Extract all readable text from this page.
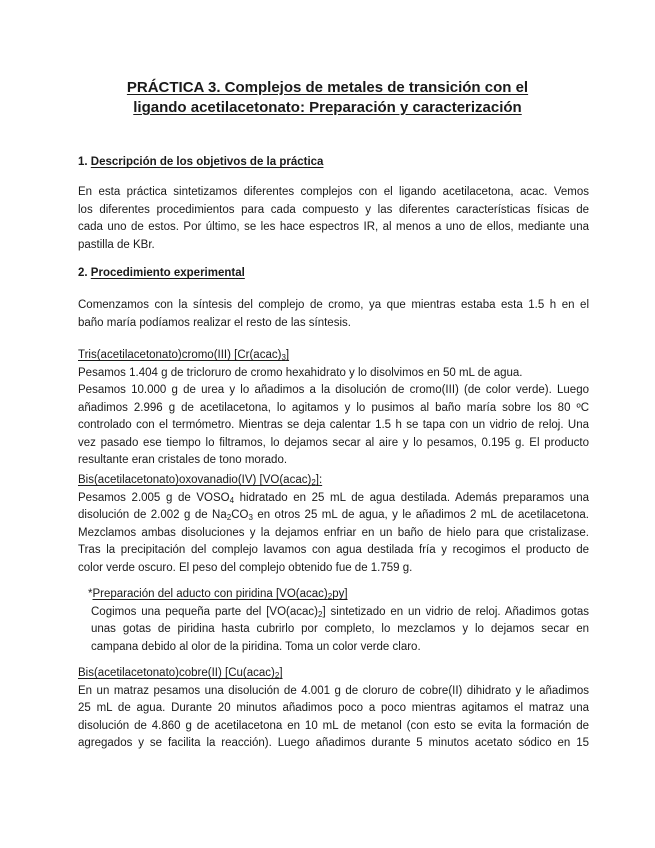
PRÁCTICA 3. Complejos de metales de transición con el
ligando acetilacetonato: Preparación y caracterización
1. Descripción de los objetivos de la práctica
En esta práctica sintetizamos diferentes complejos con el ligando acetilacetona, acac. Vemos
los diferentes procedimientos para cada compuesto y las diferentes características físicas de
cada uno de estos. Por último, se les hace espectros IR, al menos a uno de ellos, mediante una
pastilla de KBr.
2. Procedimiento experimental
Comenzamos con la síntesis del complejo de cromo, ya que mientras estaba esta 1.5 h en el
baño maría podíamos realizar el resto de las síntesis.
Tris(acetilacetonato)cromo(III) $[Cr(acac)_3]$
Pesamos 1.404 g de tricloruro de cromo hexahidrato y lo disolvimos en 50 mL de agua.
Pesamos 10.000 g de urea y lo añadimos a la disolución de cromo(III) (de color verde). Luego
añadimos 2.996 g de acetilacetona, lo agitamos y lo pusimos al baño maría sobre los 80 ºC
controlado con el termómetro. Mientras se deja calentar 1.5 h se tapa con un vidrio de reloj. Una
vez pasado ese tiempo lo filtramos, lo dejamos secar al aire y lo pesamos, 0.195 g. El producto
resultante eran cristales de tono morado.
Bis(acetilacetonato)oxovanadio(IV) $[VO(acac)_2]$:
Pesamos 2.005 g de $VOSO_4$ hidratado en 25 mL de agua destilada. Además preparamos una
disolución de 2.002 g de $Na_2CO_3$ en otros 25 mL de agua, y le añadimos 2 mL de acetilacetona.
Mezclamos ambas disoluciones y la dejamos enfriar en un baño de hielo para que cristalizase.
Tras la precipitación del complejo lavamos con agua destilada fría y recogimos el producto de
color verde oscuro. El peso del complejo obtenido fue de 1.759 g.
*Preparación del aducto con piridina $[VO(acac)_2py]$
Cogimos una pequeña parte del $[VO(acac)_2]$ sintetizado en un vidrio de reloj. Añadimos gotas
unas gotas de piridina hasta cubrirlo por completo, lo mezclamos y lo dejamos secar en
campana debido al olor de la piridina. Toma un color verde claro.
Bis(acetilacetonato)cobre(II) $[Cu(acac)_2]$
En un matraz pesamos una disolución de 4.001 g de cloruro de cobre(II) dihidrato y le añadimos
25 mL de agua. Durante 20 minutos añadimos poco a poco mientras agitamos el matraz una
disolución de 4.860 g de acetilacetona en 10 mL de metanol (con esto se evita la formación de
agregados y se facilita la reacción). Luego añadimos durante 5 minutos acetato sódico en 15
